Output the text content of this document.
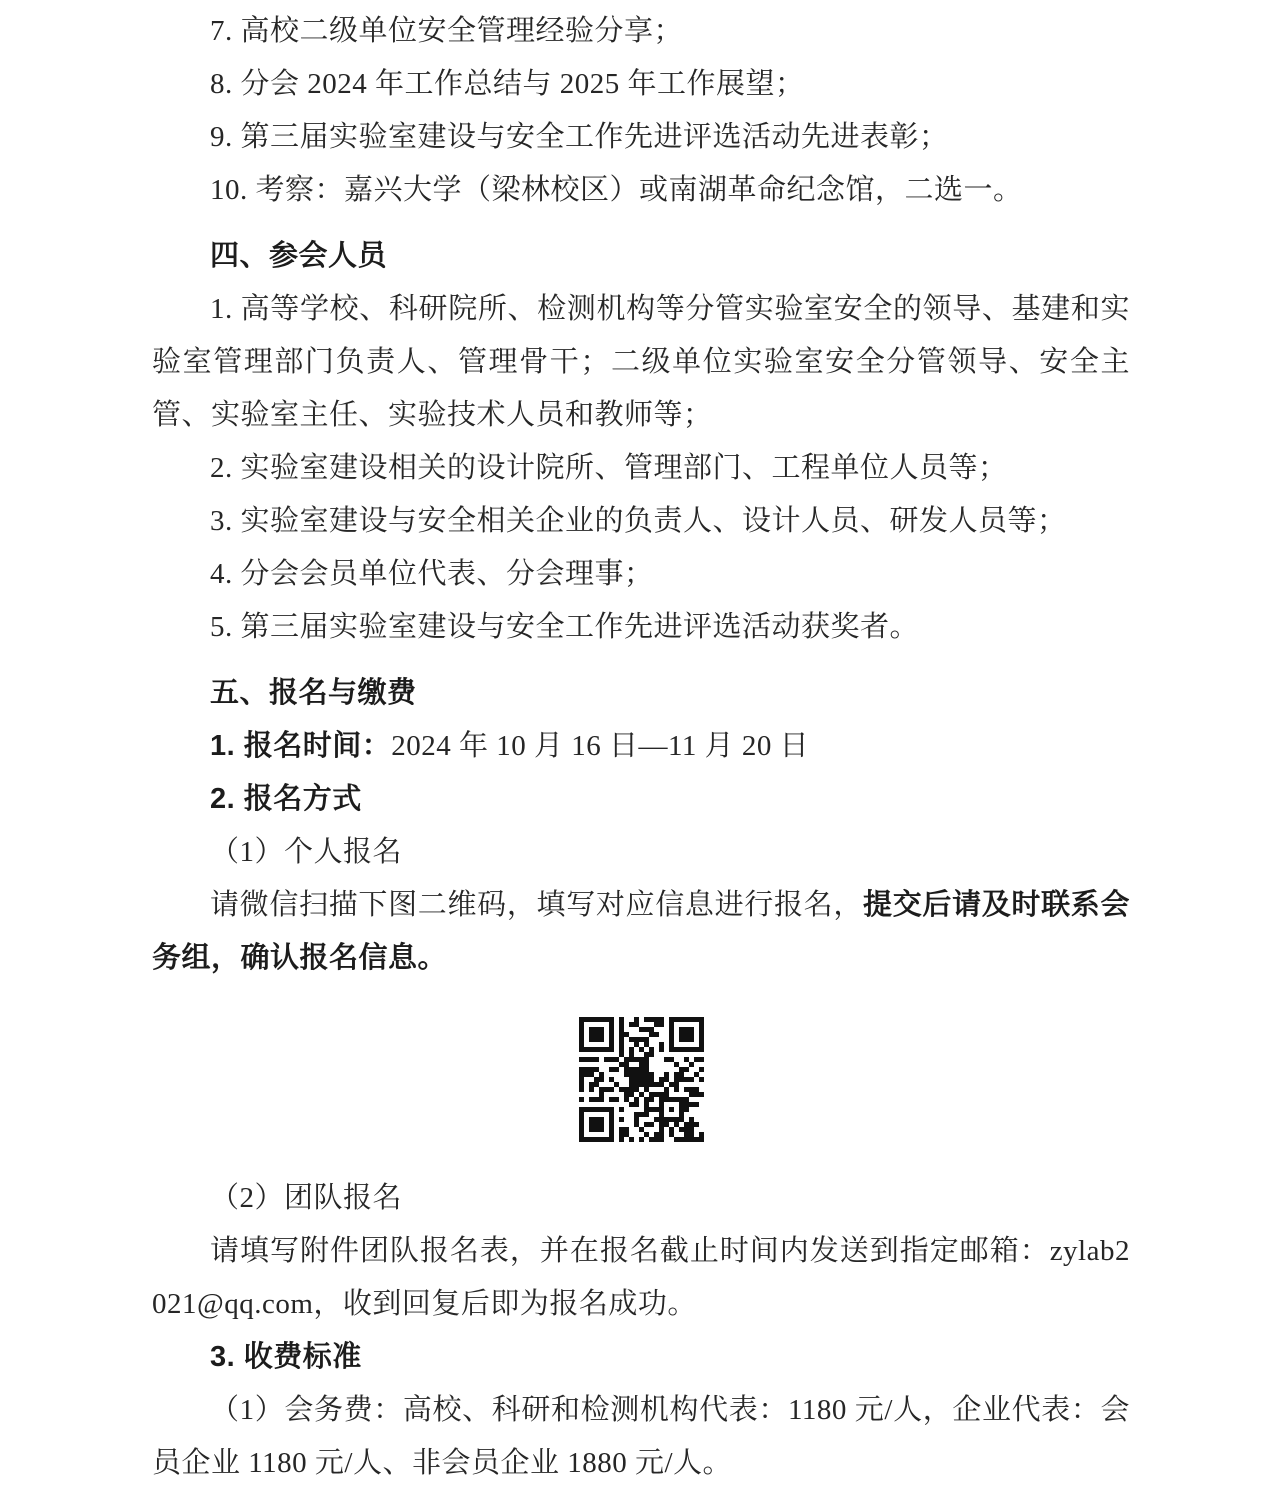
7. 高校二级单位安全管理经验分享；

8. 分会 2024 年工作总结与 2025 年工作展望；

9. 第三届实验室建设与安全工作先进评选活动先进表彰；

10. 考察：嘉兴大学（梁林校区）或南湖革命纪念馆，二选一。

四、参会人员

1. 高等学校、科研院所、检测机构等分管实验室安全的领导、基建和实验室管理部门负责人、管理骨干；二级单位实验室安全分管领导、安全主管、实验室主任、实验技术人员和教师等；

2. 实验室建设相关的设计院所、管理部门、工程单位人员等；

3. 实验室建设与安全相关企业的负责人、设计人员、研发人员等；

4. 分会会员单位代表、分会理事；

5. 第三届实验室建设与安全工作先进评选活动获奖者。

五、报名与缴费

1. 报名时间：2024 年 10 月 16 日—11 月 20 日

2. 报名方式

（1）个人报名

请微信扫描下图二维码，填写对应信息进行报名，提交后请及时联系会务组，确认报名信息。

（2）团队报名

请填写附件团队报名表，并在报名截止时间内发送到指定邮箱：zylab2021@qq.com，收到回复后即为报名成功。

3. 收费标准

（1）会务费：高校、科研和检测机构代表：1180 元/人，企业代表：会员企业 1180 元/人、非会员企业 1880 元/人。
